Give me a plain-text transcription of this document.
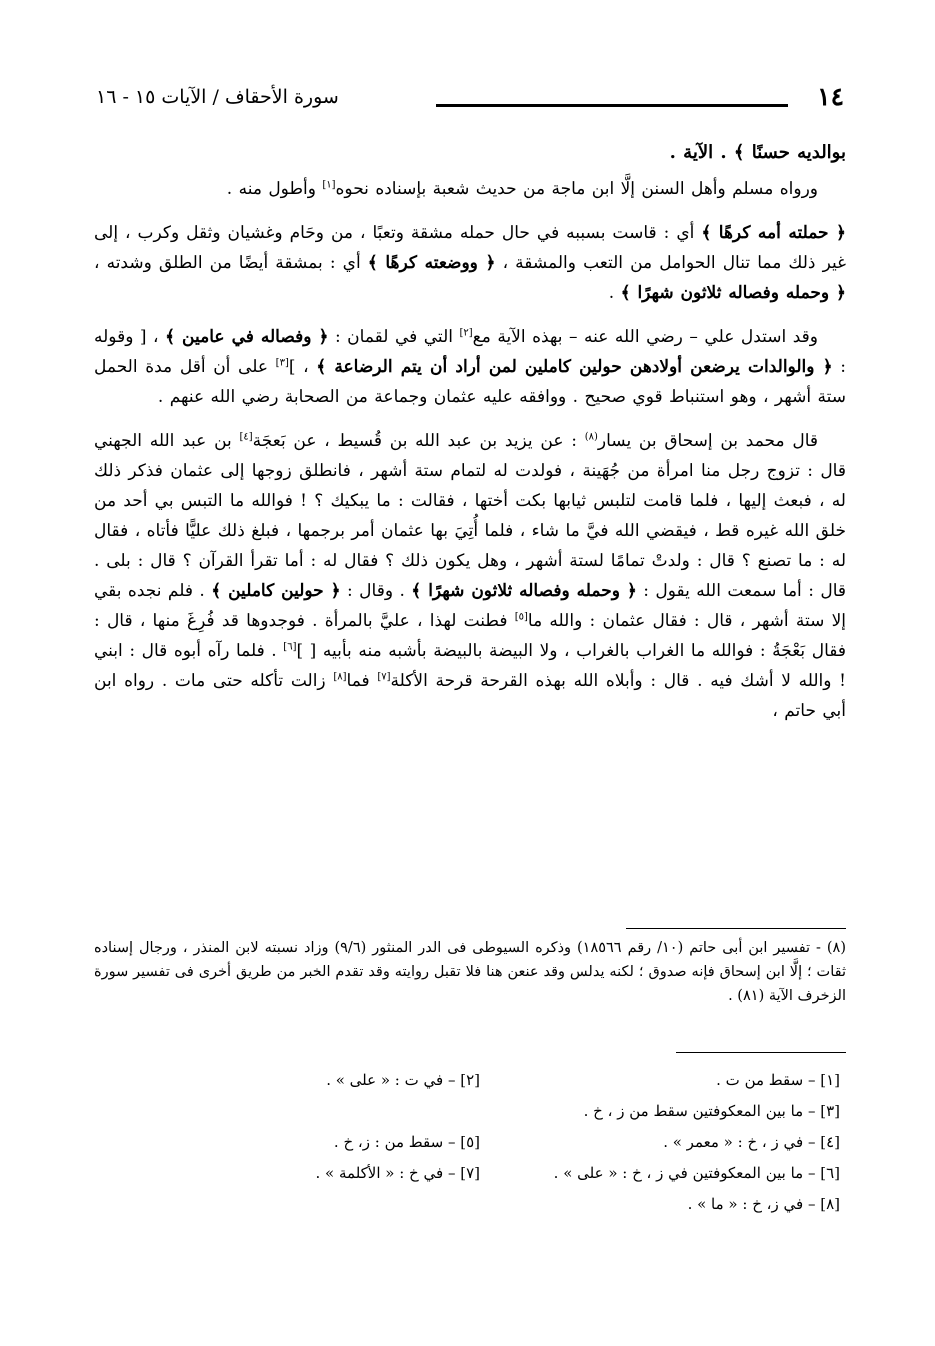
١٤
سورة الأحقاف / الآيات ١٥ - ١٦

بوالديه حسنًا ﴾ . الآية .

ورواه مسلم وأهل السنن إلَّا ابن ماجة من حديث شعبة بإسناده نحوه[١] وأطول منه .

﴿ حملته أمه كرهًا ﴾ أي : قاست بسببه في حال حمله مشقة وتعبًا ، من وحَام وغشيان وثقل وكرب ، إلى غير ذلك مما تنال الحوامل من التعب والمشقة ، ﴿ ووضعته كرهًا ﴾ أي : بمشقة أيضًا من الطلق وشدته ، ﴿ وحمله وفصاله ثلاثون شهرًا ﴾ .

وقد استدل علي – رضي الله عنه – بهذه الآية مع[٢] التي في لقمان : ﴿ وفصاله في عامين ﴾ ، [ وقوله : ﴿ والوالدات يرضعن أولادهن حولين كاملين لمن أراد أن يتم الرضاعة ﴾ ، ][٣] على أن أقل مدة الحمل ستة أشهر ، وهو استنباط قوي صحيح . ووافقه عليه عثمان وجماعة من الصحابة رضي الله عنهم .

قال محمد بن إسحاق بن يسار$^{(٨)}$ : عن يزيد بن عبد الله بن قُسيط ، عن بَعجَة[٤] بن عبد الله الجهني قال : تزوج رجل منا امرأة من جُهَينة ، فولدت له لتمام ستة أشهر ، فانطلق زوجها إلى عثمان فذكر ذلك له ، فبعث إليها ، فلما قامت لتلبس ثيابها بكت أختها ، فقالت : ما يبكيك ؟ ! فوالله ما التبس بي أحد من خلق الله غيره قط ، فيقضي الله فيَّ ما شاء ، فلما أُتِيَ بها عثمان أمر برجمها ، فبلغ ذلك عليًّا فأتاه ، فقال له : ما تصنع ؟ قال : ولدتْ تمامًا لستة أشهر ، وهل يكون ذلك ؟ فقال له : أما تقرأ القرآن ؟ قال : بلى . قال : أما سمعت الله يقول : ﴿ وحمله وفصاله ثلاثون شهرًا ﴾ . وقال : ﴿ حولين كاملين ﴾ . فلم نجده بقي إلا ستة أشهر ، قال : فقال عثمان : والله ما[٥] فطنت لهذا ، عليَّ بالمرأة . فوجدوها قد فُرِغَ منها ، قال : فقال بَعْجَةُ : فوالله ما الغراب بالغراب ، ولا البيضة بالبيضة بأشبه منه بأبيه [ ][٦] . فلما رآه أبوه قال : ابني ! والله لا أشك فيه . قال : وأبلاه الله بهذه القرحة قرحة الأكلة[٧] فما[٨] زالت تأكله حتى مات . رواه ابن أبي حاتم ،

(٨) - تفسير ابن أبى حاتم (١٠/ رقم ١٨٥٦٦) وذكره السيوطى فى الدر المنثور (٩/٦) وزاد نسبته لابن المنذر ، ورجال إسناده ثقات ؛ إلَّا ابن إسحاق فإنه صدوق ؛ لكنه يدلس وقد عنعن هنا فلا تقبل روايته وقد تقدم الخبر من طريق أخرى فى تفسير سورة الزخرف الآية (٨١) .

[١] – سقط من ت .
[٢] – في ت : « على » .
[٣] – ما بين المعكوفتين سقط من ز ، خ .
[٤] – في ز ، خ : « معمر » .
[٥] – سقط من : ز، خ .
[٦] – ما بين المعكوفتين في ز ، خ : « على » .
[٧] – في خ : « الأكلمة » .
[٨] – في ز، خ : « ما » .
